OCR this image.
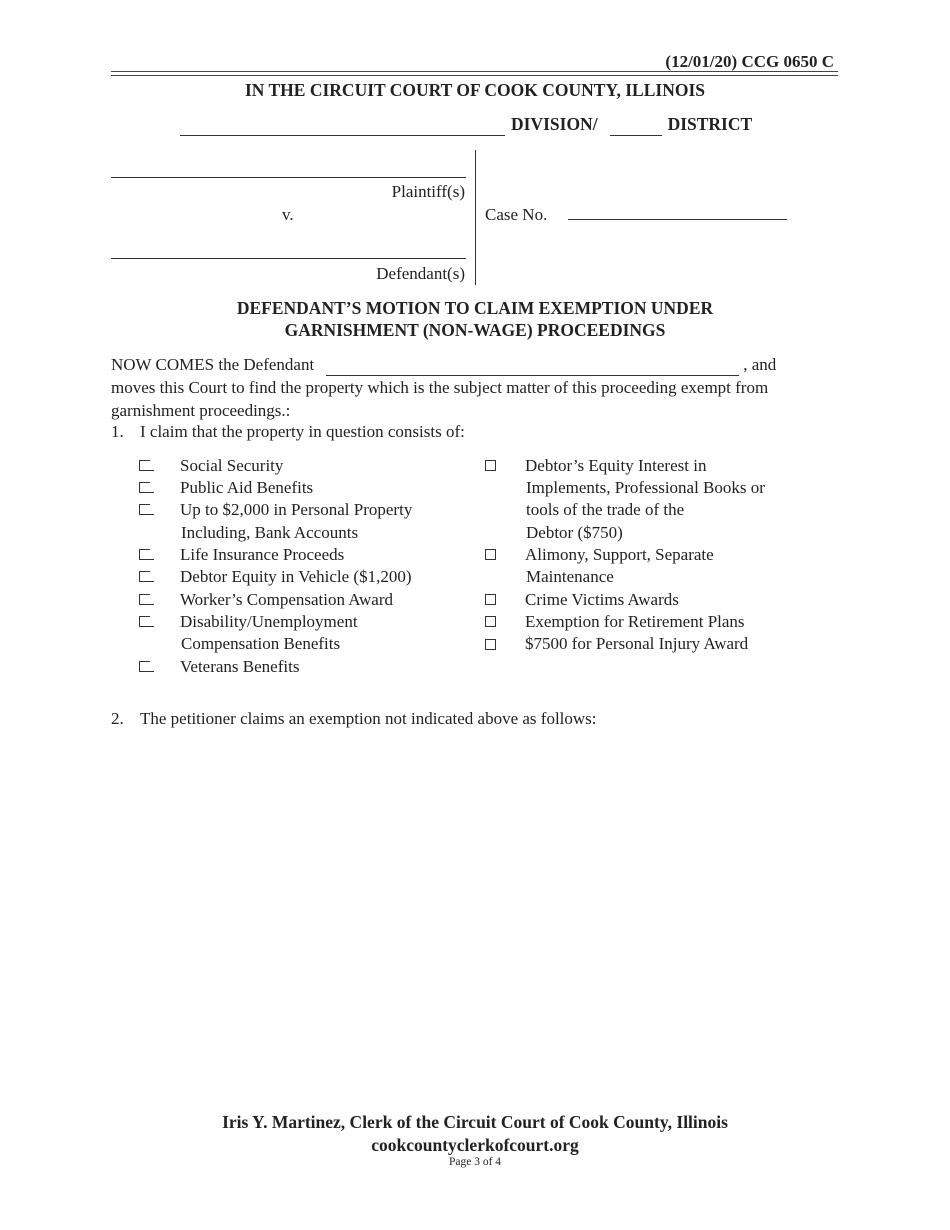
(12/01/20) CCG 0650 C
IN THE CIRCUIT COURT OF COOK COUNTY, ILLINOIS
DIVISION/	DISTRICT
Plaintiff(s)
v.
Defendant(s)
Case No.
DEFENDANT’S MOTION TO CLAIM EXEMPTION UNDER
GARNISHMENT (NON-WAGE) PROCEEDINGS
NOW COMES the Defendant	, and
moves this Court to find the property which is the subject matter of this proceeding exempt from garnishment proceedings.:
1. I claim that the property in question consists of:
Social Security
Public Aid Benefits
Up to $2,000 in Personal Property
Including, Bank Accounts
Life Insurance Proceeds
Debtor Equity in Vehicle ($1,200)
Worker’s Compensation Award
Disability/Unemployment
Compensation Benefits
Veterans Benefits
Debtor’s Equity Interest in
Implements, Professional Books or
tools of the trade of the
Debtor ($750)
Alimony, Support, Separate
Maintenance
Crime Victims Awards
Exemption for Retirement Plans
$7500 for Personal Injury Award
2. The petitioner claims an exemption not indicated above as follows:
Iris Y. Martinez, Clerk of the Circuit Court of Cook County, Illinois
cookcountyclerkofcourt.org
Page 3 of 4
